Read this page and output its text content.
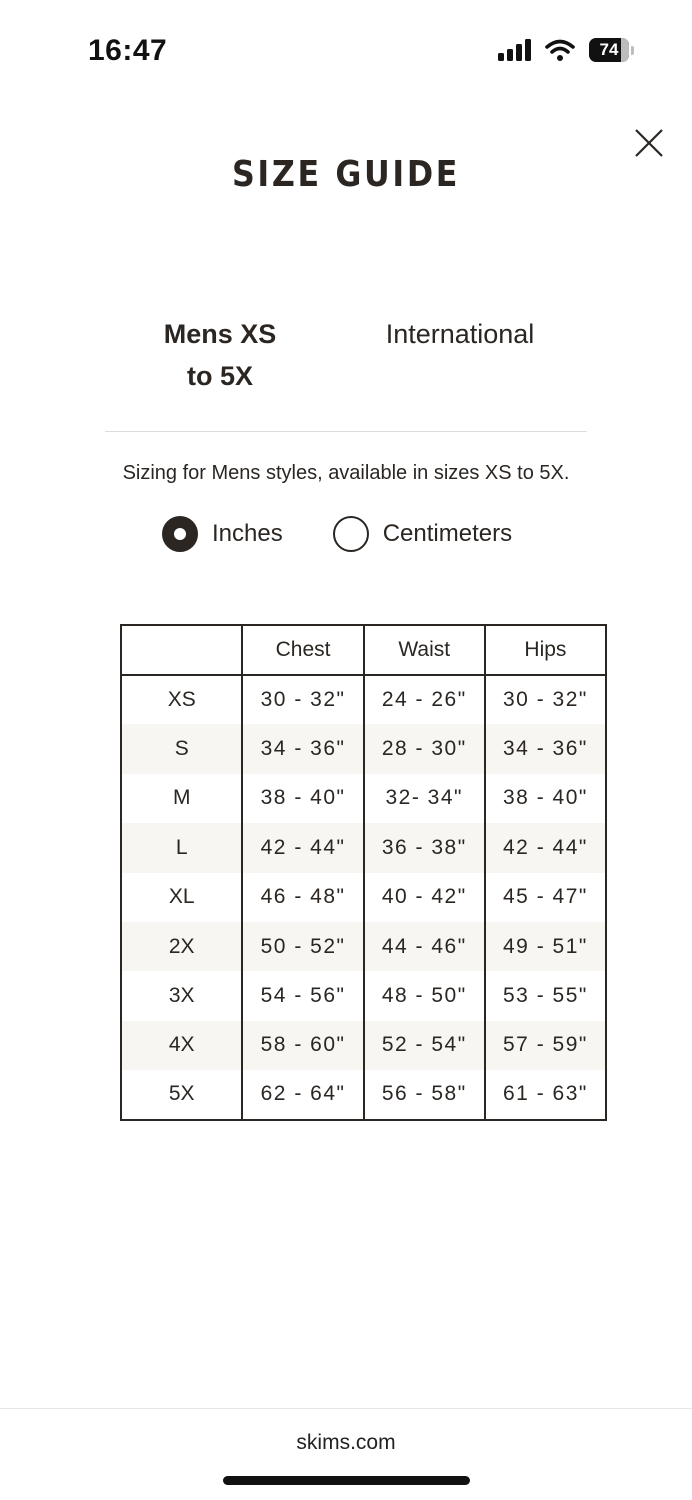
16:47	74
SIZE GUIDE
Mens XS
to 5X
International

Sizing for Mens styles, available in sizes XS to 5X.

Inches	Centimeters
	Chest	Waist	Hips
XS	30 - 32"	24 - 26"	30 - 32"
S	34 - 36"	28 - 30"	34 - 36"
M	38 - 40"	32- 34"	38 - 40"
L	42 - 44"	36 - 38"	42 - 44"
XL	46 - 48"	40 - 42"	45 - 47"
2X	50 - 52"	44 - 46"	49 - 51"
3X	54 - 56"	48 - 50"	53 - 55"
4X	58 - 60"	52 - 54"	57 - 59"
5X	62 - 64"	56 - 58"	61 - 63"
skims.com
